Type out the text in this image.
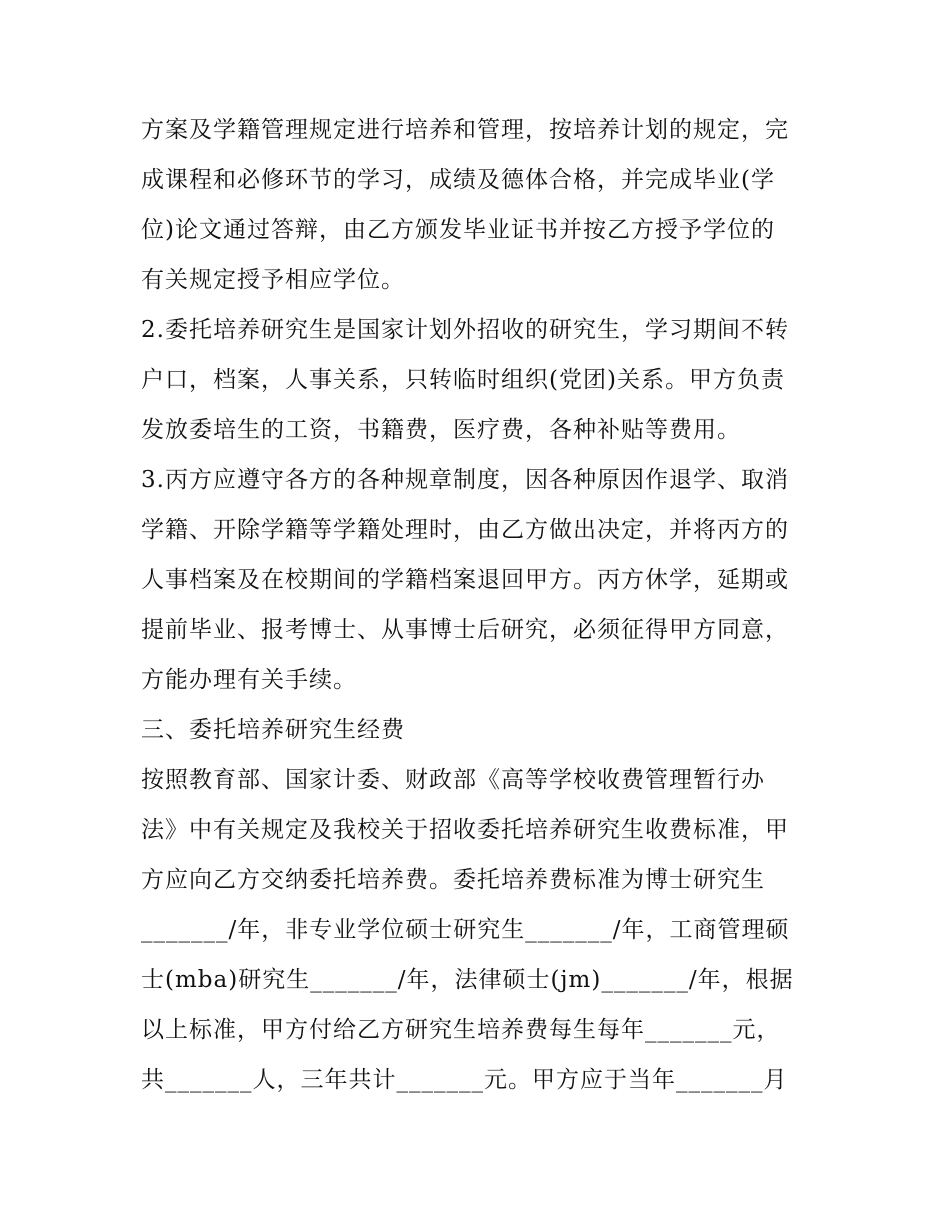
方案及学籍管理规定进行培养和管理，按培养计划的规定，完
成课程和必修环节的学习，成绩及德体合格，并完成毕业(学
位)论文通过答辩，由乙方颁发毕业证书并按乙方授予学位的
有关规定授予相应学位。
2.委托培养研究生是国家计划外招收的研究生，学习期间不转
户口，档案，人事关系，只转临时组织(党团)关系。甲方负责
发放委培生的工资，书籍费，医疗费，各种补贴等费用。
3.丙方应遵守各方的各种规章制度，因各种原因作退学、取消
学籍、开除学籍等学籍处理时，由乙方做出决定，并将丙方的
人事档案及在校期间的学籍档案退回甲方。丙方休学，延期或
提前毕业、报考博士、从事博士后研究，必须征得甲方同意，
方能办理有关手续。
三、委托培养研究生经费
按照教育部、国家计委、财政部《高等学校收费管理暂行办
法》中有关规定及我校关于招收委托培养研究生收费标准，甲
方应向乙方交纳委托培养费。委托培养费标准为博士研究生
_______/年，非专业学位硕士研究生_______/年，工商管理硕
士(mba)研究生_______/年，法律硕士(jm)_______/年，根据
以上标准，甲方付给乙方研究生培养费每生每年_______元，
共_______人，三年共计_______元。甲方应于当年_______月
